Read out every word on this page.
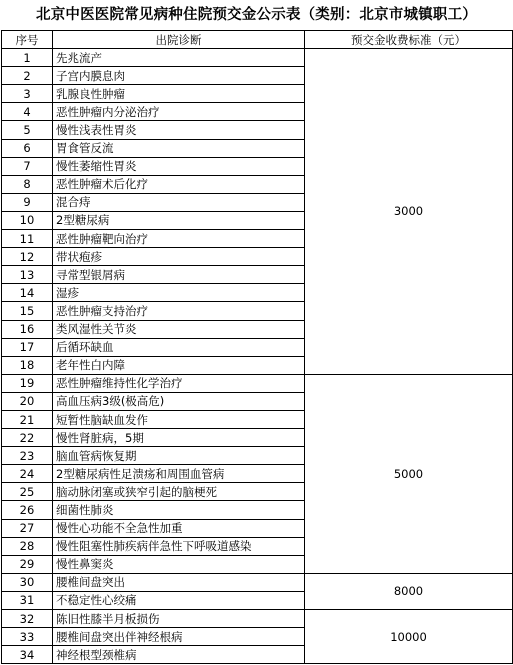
北京中医医院常见病种住院预交金公示表（类别：北京市城镇职工）
序号	出院诊断	预交金收费标准（元）
1	先兆流产	3000
2	子宫内膜息肉	
3	乳腺良性肿瘤	
4	恶性肿瘤内分泌治疗	
5	慢性浅表性胃炎	
6	胃食管反流	
7	慢性萎缩性胃炎	
8	恶性肿瘤术后化疗	
9	混合痔	
10	2型糖尿病	
11	恶性肿瘤靶向治疗	
12	带状疱疹	
13	寻常型银屑病	
14	湿疹	
15	恶性肿瘤支持治疗	
16	类风湿性关节炎	
17	后循环缺血	
18	老年性白内障	
19	恶性肿瘤维持性化学治疗	5000
20	高血压病3级(极高危)	
21	短暂性脑缺血发作	
22	慢性肾脏病，5期	
23	脑血管病恢复期	
24	2型糖尿病性足溃疡和周围血管病	
25	脑动脉闭塞或狭窄引起的脑梗死	
26	细菌性肺炎	
27	慢性心功能不全急性加重	
28	慢性阻塞性肺疾病伴急性下呼吸道感染	
29	慢性鼻窦炎	
30	腰椎间盘突出	8000
31	不稳定性心绞痛	
32	陈旧性膝半月板损伤	10000
33	腰椎间盘突出伴神经根病	
34	神经根型颈椎病	
